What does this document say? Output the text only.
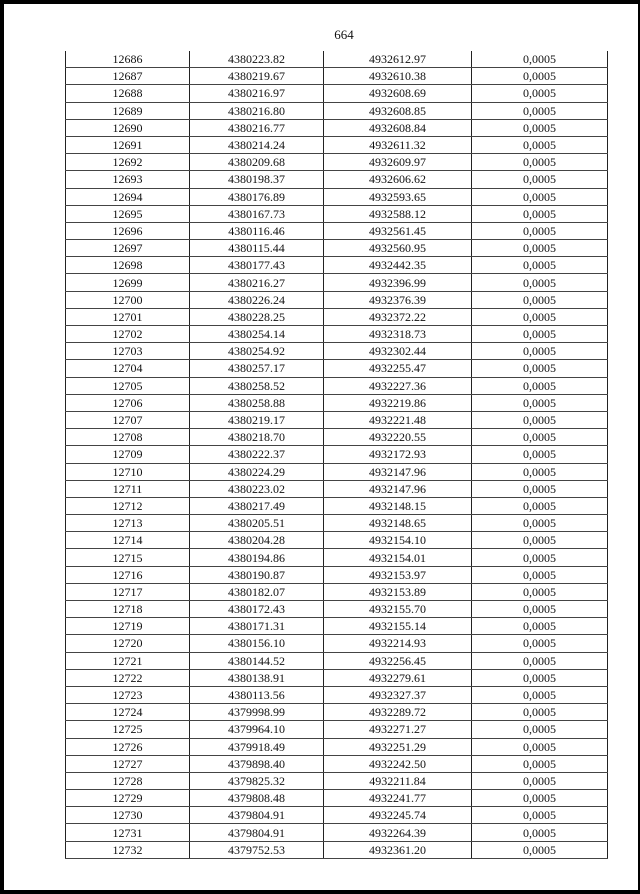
664
12686	4380223.82	4932612.97	0,0005
12687	4380219.67	4932610.38	0,0005
12688	4380216.97	4932608.69	0,0005
12689	4380216.80	4932608.85	0,0005
12690	4380216.77	4932608.84	0,0005
12691	4380214.24	4932611.32	0,0005
12692	4380209.68	4932609.97	0,0005
12693	4380198.37	4932606.62	0,0005
12694	4380176.89	4932593.65	0,0005
12695	4380167.73	4932588.12	0,0005
12696	4380116.46	4932561.45	0,0005
12697	4380115.44	4932560.95	0,0005
12698	4380177.43	4932442.35	0,0005
12699	4380216.27	4932396.99	0,0005
12700	4380226.24	4932376.39	0,0005
12701	4380228.25	4932372.22	0,0005
12702	4380254.14	4932318.73	0,0005
12703	4380254.92	4932302.44	0,0005
12704	4380257.17	4932255.47	0,0005
12705	4380258.52	4932227.36	0,0005
12706	4380258.88	4932219.86	0,0005
12707	4380219.17	4932221.48	0,0005
12708	4380218.70	4932220.55	0,0005
12709	4380222.37	4932172.93	0,0005
12710	4380224.29	4932147.96	0,0005
12711	4380223.02	4932147.96	0,0005
12712	4380217.49	4932148.15	0,0005
12713	4380205.51	4932148.65	0,0005
12714	4380204.28	4932154.10	0,0005
12715	4380194.86	4932154.01	0,0005
12716	4380190.87	4932153.97	0,0005
12717	4380182.07	4932153.89	0,0005
12718	4380172.43	4932155.70	0,0005
12719	4380171.31	4932155.14	0,0005
12720	4380156.10	4932214.93	0,0005
12721	4380144.52	4932256.45	0,0005
12722	4380138.91	4932279.61	0,0005
12723	4380113.56	4932327.37	0,0005
12724	4379998.99	4932289.72	0,0005
12725	4379964.10	4932271.27	0,0005
12726	4379918.49	4932251.29	0,0005
12727	4379898.40	4932242.50	0,0005
12728	4379825.32	4932211.84	0,0005
12729	4379808.48	4932241.77	0,0005
12730	4379804.91	4932245.74	0,0005
12731	4379804.91	4932264.39	0,0005
12732	4379752.53	4932361.20	0,0005
